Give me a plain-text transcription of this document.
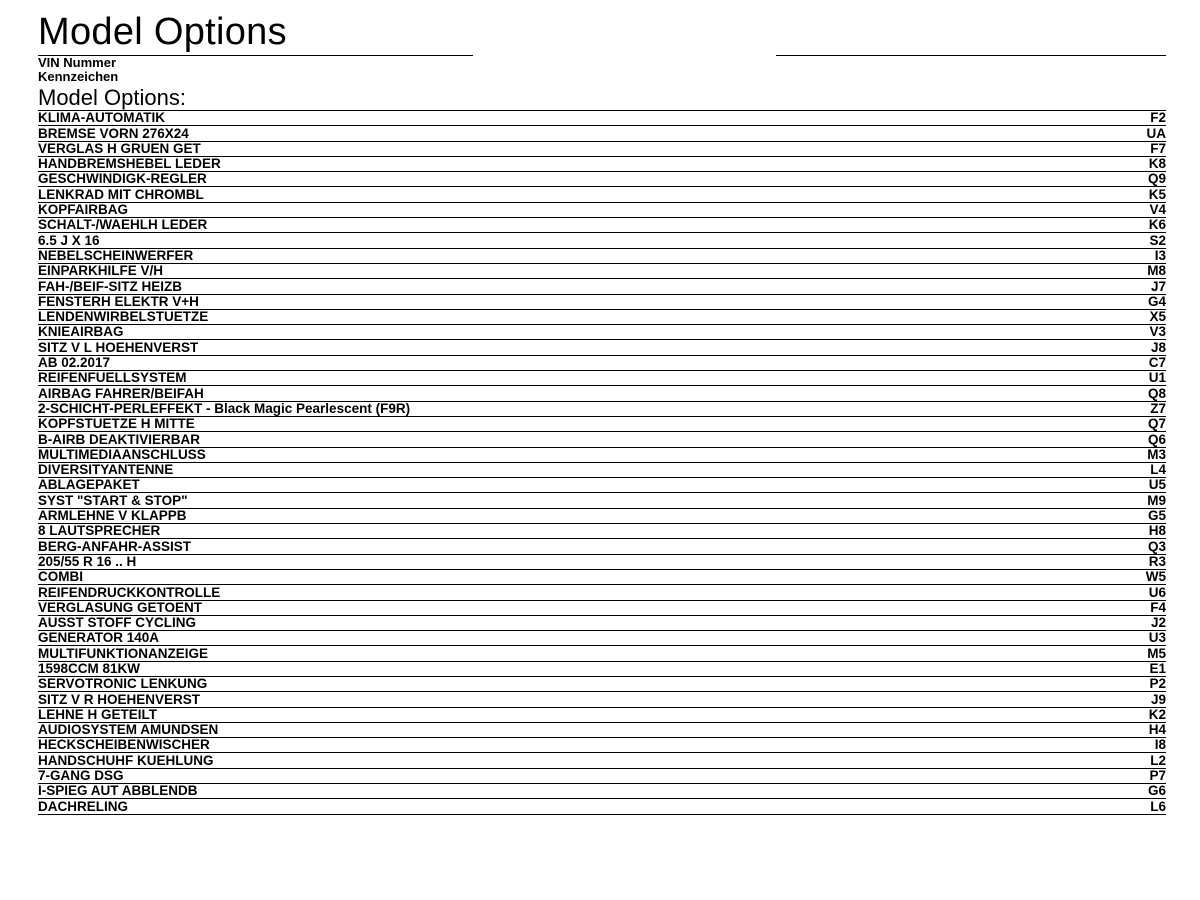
Model Options

VIN Nummer

Kennzeichen

Model Options:
KLIMA-AUTOMATIK	F2
BREMSE VORN 276X24	UA
VERGLAS H GRUEN GET	F7
HANDBREMSHEBEL LEDER	K8
GESCHWINDIGK-REGLER	Q9
LENKRAD MIT CHROMBL	K5
KOPFAIRBAG	V4
SCHALT-/WAEHLH LEDER	K6
6.5 J X 16	S2
NEBELSCHEINWERFER	I3
EINPARKHILFE V/H	M8
FAH-/BEIF-SITZ HEIZB	J7
FENSTERH ELEKTR V+H	G4
LENDENWIRBELSTUETZE	X5
KNIEAIRBAG	V3
SITZ V L HOEHENVERST	J8
AB 02.2017	C7
REIFENFUELLSYSTEM	U1
AIRBAG FAHRER/BEIFAH	Q8
2-SCHICHT-PERLEFFEKT - Black Magic Pearlescent (F9R)	Z7
KOPFSTUETZE H MITTE	Q7
B-AIRB DEAKTIVIERBAR	Q6
MULTIMEDIAANSCHLUSS	M3
DIVERSITYANTENNE	L4
ABLAGEPAKET	U5
SYST "START & STOP"	M9
ARMLEHNE V KLAPPB	G5
8 LAUTSPRECHER	H8
BERG-ANFAHR-ASSIST	Q3
205/55 R 16 .. H	R3
COMBI	W5
REIFENDRUCKKONTROLLE	U6
VERGLASUNG GETOENT	F4
AUSST STOFF CYCLING	J2
GENERATOR 140A	U3
MULTIFUNKTIONANZEIGE	M5
1598CCM 81KW	E1
SERVOTRONIC LENKUNG	P2
SITZ V R HOEHENVERST	J9
LEHNE H GETEILT	K2
AUDIOSYSTEM AMUNDSEN	H4
HECKSCHEIBENWISCHER	I8
HANDSCHUHF KUEHLUNG	L2
7-GANG DSG	P7
I-SPIEG AUT ABBLENDB	G6
DACHRELING	L6
